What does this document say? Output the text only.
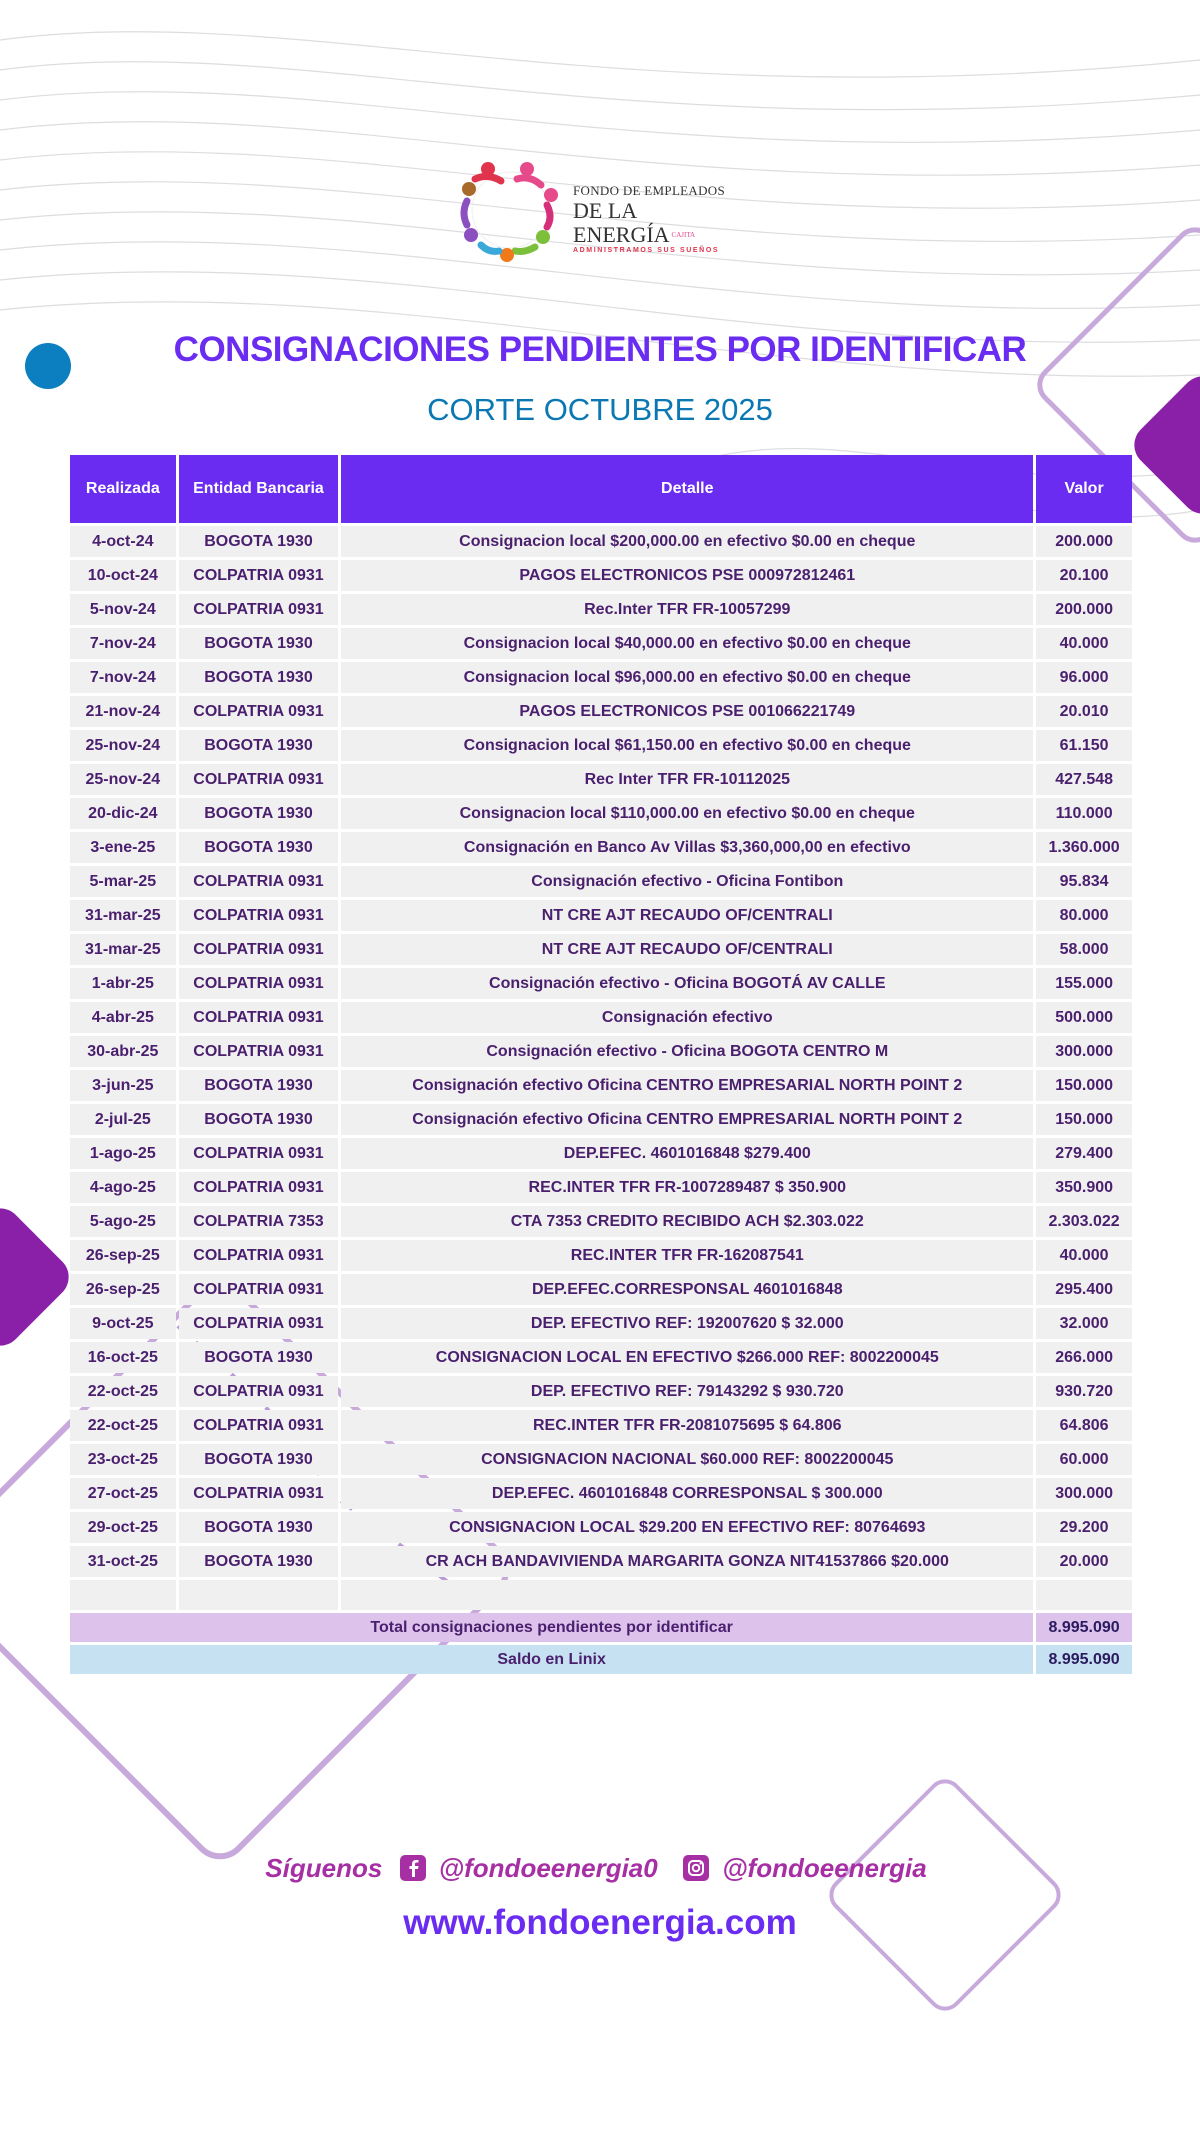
FONDO DE EMPLEADOS
DE LA ENERGÍA $^{CAJITA}$
ADMINISTRAMOS SUS SUEÑOS
CONSIGNACIONES PENDIENTES POR IDENTIFICAR
CORTE OCTUBRE 2025
Realizada	Entidad Bancaria	Detalle	Valor
4-oct-24	BOGOTA 1930	Consignacion local $200,000.00 en efectivo $0.00 en cheque	200.000
10-oct-24	COLPATRIA 0931	PAGOS ELECTRONICOS PSE 000972812461	20.100
5-nov-24	COLPATRIA 0931	Rec.Inter TFR FR-10057299	200.000
7-nov-24	BOGOTA 1930	Consignacion local $40,000.00 en efectivo $0.00 en cheque	40.000
7-nov-24	BOGOTA 1930	Consignacion local $96,000.00 en efectivo $0.00 en cheque	96.000
21-nov-24	COLPATRIA 0931	PAGOS ELECTRONICOS PSE 001066221749	20.010
25-nov-24	BOGOTA 1930	Consignacion local $61,150.00 en efectivo $0.00 en cheque	61.150
25-nov-24	COLPATRIA 0931	Rec Inter TFR FR-10112025	427.548
20-dic-24	BOGOTA 1930	Consignacion local $110,000.00 en efectivo $0.00 en cheque	110.000
3-ene-25	BOGOTA 1930	Consignación en Banco Av Villas $3,360,000,00 en efectivo	1.360.000
5-mar-25	COLPATRIA 0931	Consignación efectivo - Oficina Fontibon	95.834
31-mar-25	COLPATRIA 0931	NT CRE AJT RECAUDO OF/CENTRALI	80.000
31-mar-25	COLPATRIA 0931	NT CRE AJT RECAUDO OF/CENTRALI	58.000
1-abr-25	COLPATRIA 0931	Consignación efectivo - Oficina BOGOTÁ AV CALLE	155.000
4-abr-25	COLPATRIA 0931	Consignación efectivo	500.000
30-abr-25	COLPATRIA 0931	Consignación efectivo - Oficina BOGOTA CENTRO M	300.000
3-jun-25	BOGOTA 1930	Consignación efectivo Oficina CENTRO EMPRESARIAL NORTH POINT 2	150.000
2-jul-25	BOGOTA 1930	Consignación efectivo Oficina CENTRO EMPRESARIAL NORTH POINT 2	150.000
1-ago-25	COLPATRIA 0931	DEP.EFEC. 4601016848 $279.400	279.400
4-ago-25	COLPATRIA 0931	REC.INTER TFR FR-1007289487 $ 350.900	350.900
5-ago-25	COLPATRIA 7353	CTA 7353 CREDITO RECIBIDO ACH $2.303.022	2.303.022
26-sep-25	COLPATRIA 0931	REC.INTER TFR FR-162087541	40.000
26-sep-25	COLPATRIA 0931	DEP.EFEC.CORRESPONSAL 4601016848	295.400
9-oct-25	COLPATRIA 0931	DEP. EFECTIVO REF: 192007620 $ 32.000	32.000
16-oct-25	BOGOTA 1930	CONSIGNACION LOCAL EN EFECTIVO $266.000 REF: 8002200045	266.000
22-oct-25	COLPATRIA 0931	DEP. EFECTIVO REF: 79143292 $ 930.720	930.720
22-oct-25	COLPATRIA 0931	REC.INTER TFR FR-2081075695 $ 64.806	64.806
23-oct-25	BOGOTA 1930	CONSIGNACION NACIONAL $60.000 REF: 8002200045	60.000
27-oct-25	COLPATRIA 0931	DEP.EFEC. 4601016848 CORRESPONSAL $ 300.000	300.000
29-oct-25	BOGOTA 1930	CONSIGNACION LOCAL $29.200 EN EFECTIVO REF: 80764693	29.200
31-oct-25	BOGOTA 1930	CR ACH BANDAVIVIENDA MARGARITA GONZA NIT41537866 $20.000	20.000

Total consignaciones pendientes por identificar			8.995.090
Saldo en Linix			8.995.090
Síguenos @fondoeenergia0 @fondoeenergia
www.fondoenergia.com
